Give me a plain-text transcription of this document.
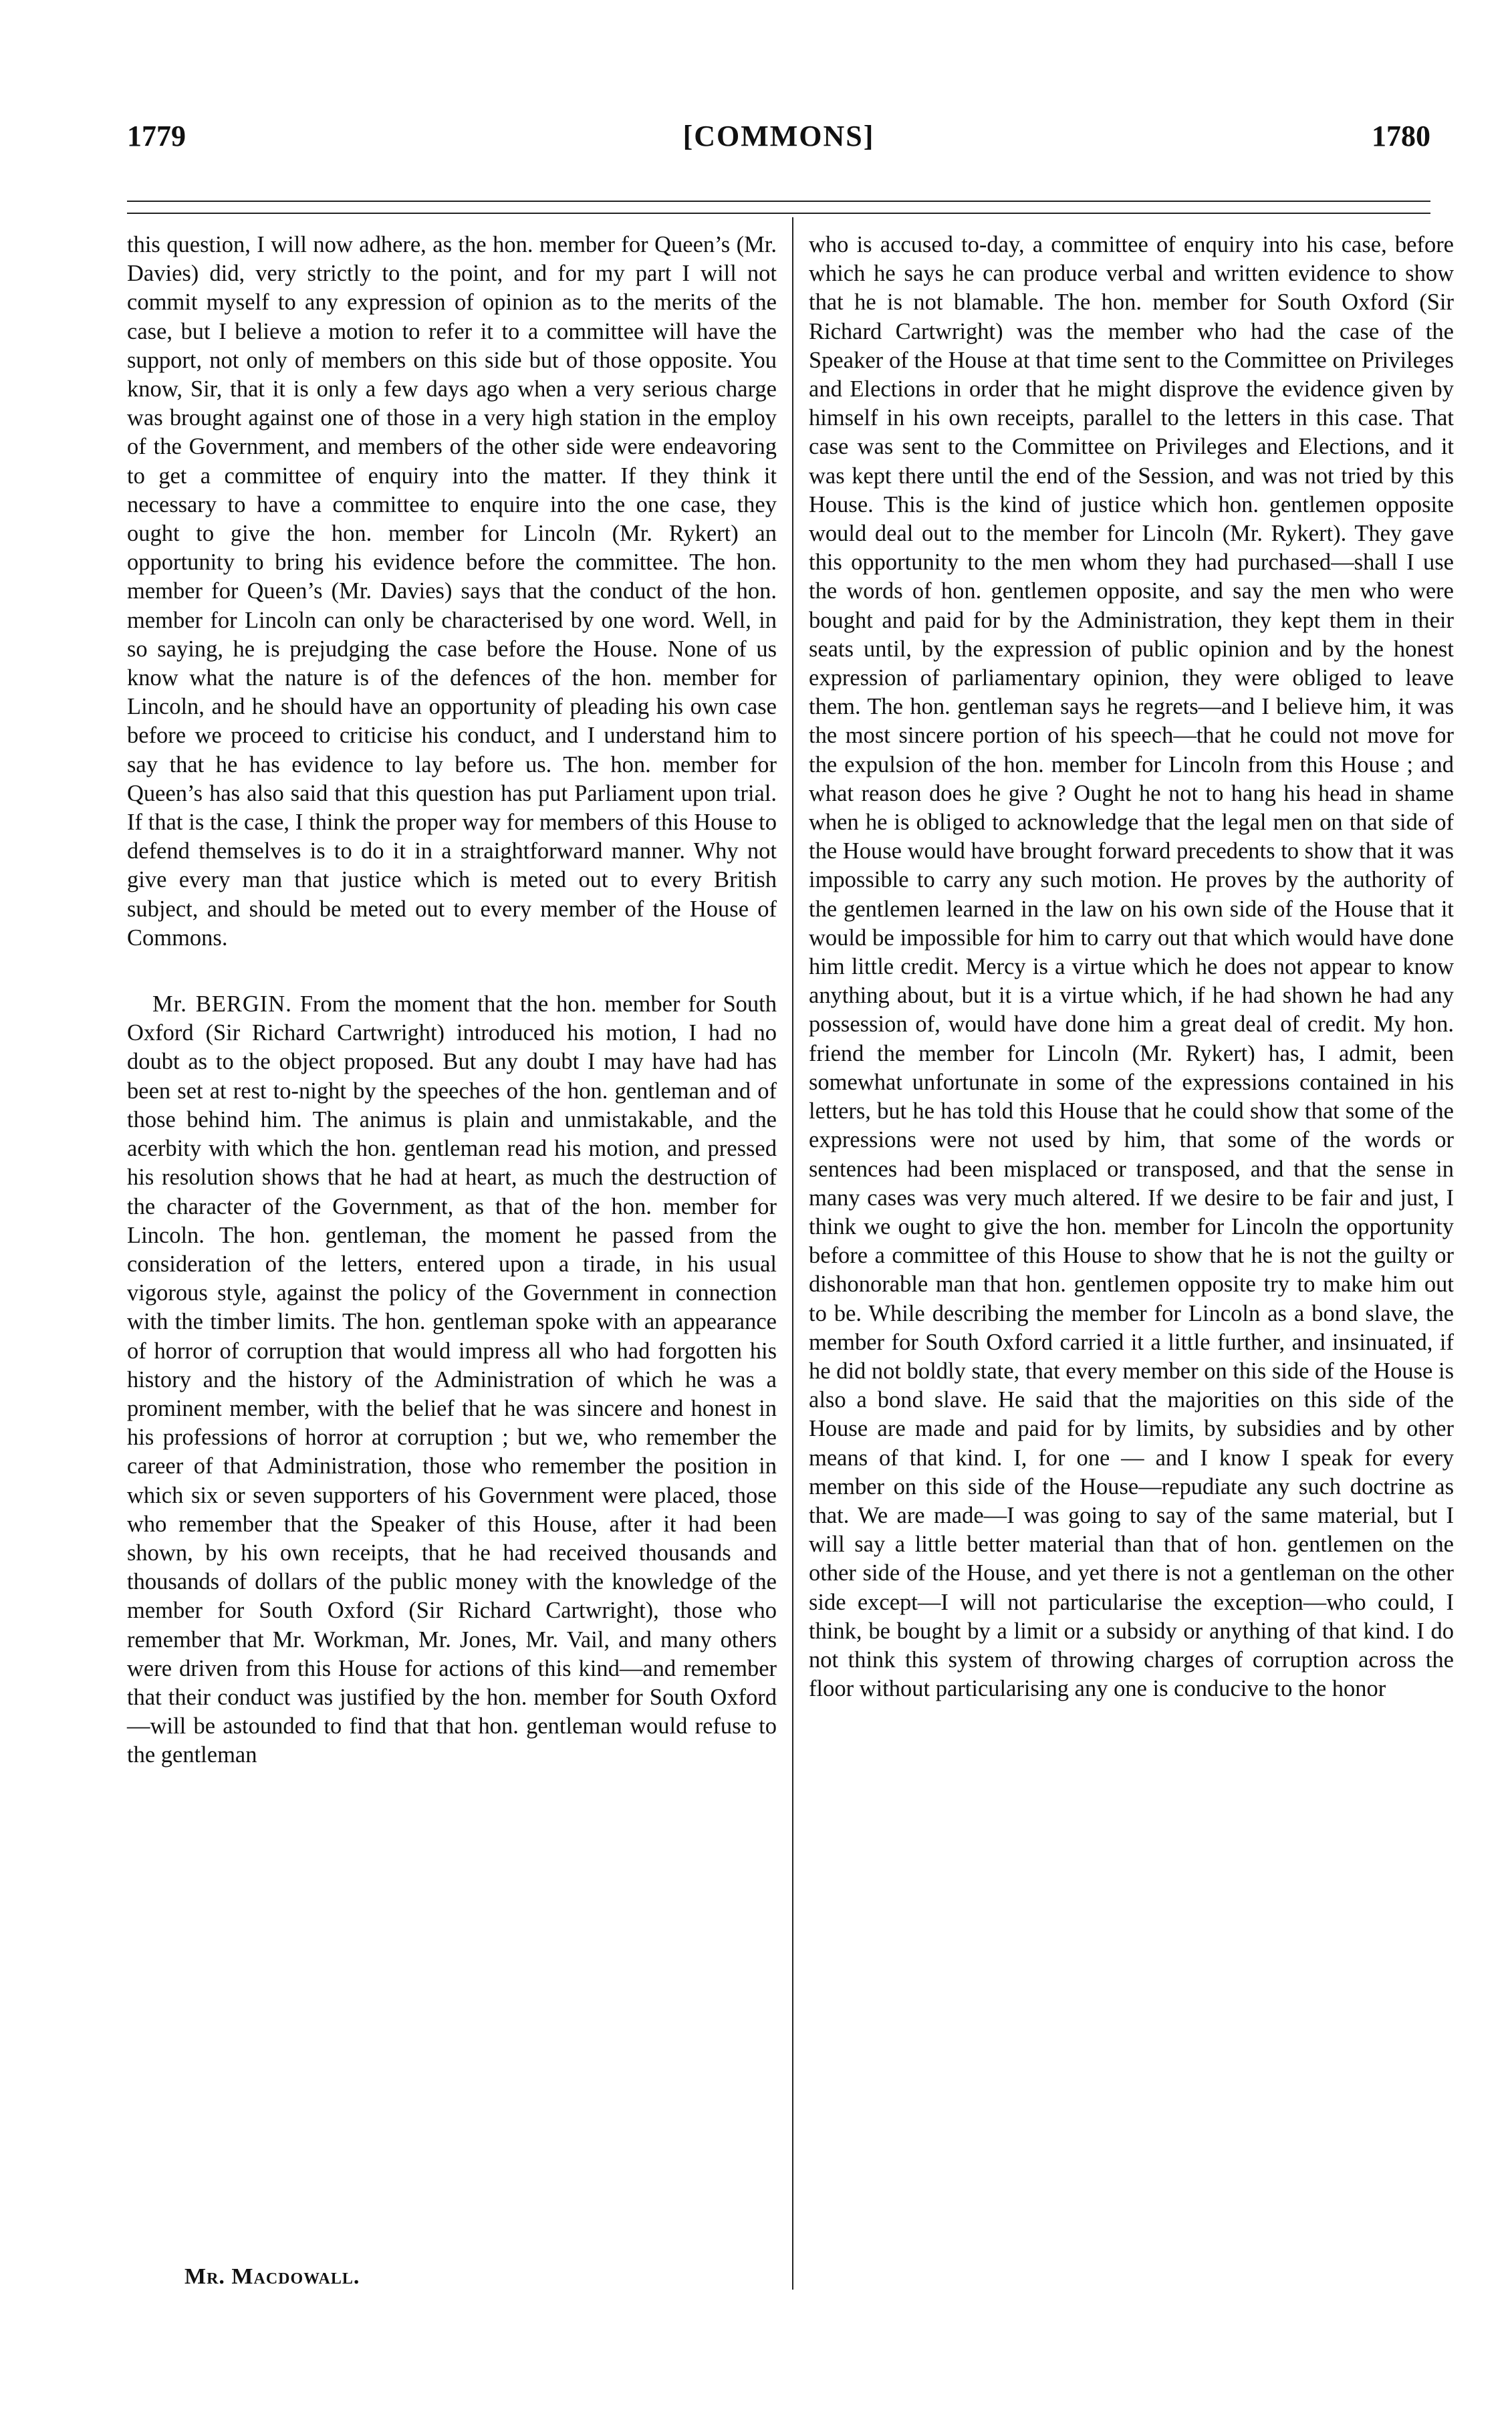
1779	[COMMONS]	1780

this question, I will now adhere, as the hon. member for Queen’s (Mr. Davies) did, very strictly to the point, and for my part I will not commit myself to any expression of opinion as to the merits of the case, but I believe a motion to refer it to a committee will have the support, not only of members on this side but of those opposite. You know, Sir, that it is only a few days ago when a very serious charge was brought against one of those in a very high station in the employ of the Government, and members of the other side were endeavoring to get a committee of enquiry into the matter. If they think it necessary to have a committee to enquire into the one case, they ought to give the hon. member for Lincoln (Mr. Rykert) an opportunity to bring his evidence before the committee. The hon. member for Queen’s (Mr. Davies) says that the conduct of the hon. member for Lincoln can only be characterised by one word. Well, in so saying, he is prejudging the case before the House. None of us know what the nature is of the defences of the hon. member for Lincoln, and he should have an opportunity of pleading his own case before we proceed to criticise his conduct, and I understand him to say that he has evidence to lay before us. The hon. member for Queen’s has also said that this question has put Parliament upon trial. If that is the case, I think the proper way for members of this House to defend themselves is to do it in a straightforward manner. Why not give every man that justice which is meted out to every British subject, and should be meted out to every member of the House of Commons.

Mr. BERGIN. From the moment that the hon. member for South Oxford (Sir Richard Cartwright) introduced his motion, I had no doubt as to the object proposed. But any doubt I may have had has been set at rest to-night by the speeches of the hon. gentleman and of those behind him. The animus is plain and unmistakable, and the acerbity with which the hon. gentleman read his motion, and pressed his resolution shows that he had at heart, as much the destruction of the character of the Government, as that of the hon. member for Lincoln. The hon. gentleman, the moment he passed from the consideration of the letters, entered upon a tirade, in his usual vigorous style, against the policy of the Government in connection with the timber limits. The hon. gentleman spoke with an appearance of horror of corruption that would impress all who had forgotten his history and the history of the Administration of which he was a prominent member, with the belief that he was sincere and honest in his professions of horror at corruption ; but we, who remember the career of that Administration, those who remember the position in which six or seven supporters of his Government were placed, those who remember that the Speaker of this House, after it had been shown, by his own receipts, that he had received thousands and thousands of dollars of the public money with the knowledge of the member for South Oxford (Sir Richard Cartwright), those who remember that Mr. Workman, Mr. Jones, Mr. Vail, and many others were driven from this House for actions of this kind—and remember that their conduct was justified by the hon. member for South Oxford—will be astounded to find that that hon. gentleman would refuse to the gentleman

who is accused to-day, a committee of enquiry into his case, before which he says he can produce verbal and written evidence to show that he is not blamable. The hon. member for South Oxford (Sir Richard Cartwright) was the member who had the case of the Speaker of the House at that time sent to the Committee on Privileges and Elections in order that he might disprove the evidence given by himself in his own receipts, parallel to the letters in this case. That case was sent to the Committee on Privileges and Elections, and it was kept there until the end of the Session, and was not tried by this House. This is the kind of justice which hon. gentlemen opposite would deal out to the member for Lincoln (Mr. Rykert). They gave this opportunity to the men whom they had purchased—shall I use the words of hon. gentlemen opposite, and say the men who were bought and paid for by the Administration, they kept them in their seats until, by the expression of public opinion and by the honest expression of parliamentary opinion, they were obliged to leave them. The hon. gentleman says he regrets—and I believe him, it was the most sincere portion of his speech—that he could not move for the expulsion of the hon. member for Lincoln from this House ; and what reason does he give ? Ought he not to hang his head in shame when he is obliged to acknowledge that the legal men on that side of the House would have brought forward precedents to show that it was impossible to carry any such motion. He proves by the authority of the gentlemen learned in the law on his own side of the House that it would be impossible for him to carry out that which would have done him little credit. Mercy is a virtue which he does not appear to know anything about, but it is a virtue which, if he had shown he had any possession of, would have done him a great deal of credit. My hon. friend the member for Lincoln (Mr. Rykert) has, I admit, been somewhat unfortunate in some of the expressions contained in his letters, but he has told this House that he could show that some of the expressions were not used by him, that some of the words or sentences had been misplaced or transposed, and that the sense in many cases was very much altered. If we desire to be fair and just, I think we ought to give the hon. member for Lincoln the opportunity before a committee of this House to show that he is not the guilty or dishonorable man that hon. gentlemen opposite try to make him out to be. While describing the member for Lincoln as a bond slave, the member for South Oxford carried it a little further, and insinuated, if he did not boldly state, that every member on this side of the House is also a bond slave. He said that the majorities on this side of the House are made and paid for by limits, by subsidies and by other means of that kind. I, for one — and I know I speak for every member on this side of the House—repudiate any such doctrine as that. We are made—I was going to say of the same material, but I will say a little better material than that of hon. gentlemen on the other side of the House, and yet there is not a gentleman on the other side except—I will not particularise the exception—who could, I think, be bought by a limit or a subsidy or anything of that kind. I do not think this system of throwing charges of corruption across the floor without particularising any one is conducive to the honor

Mr. Macdowall.
